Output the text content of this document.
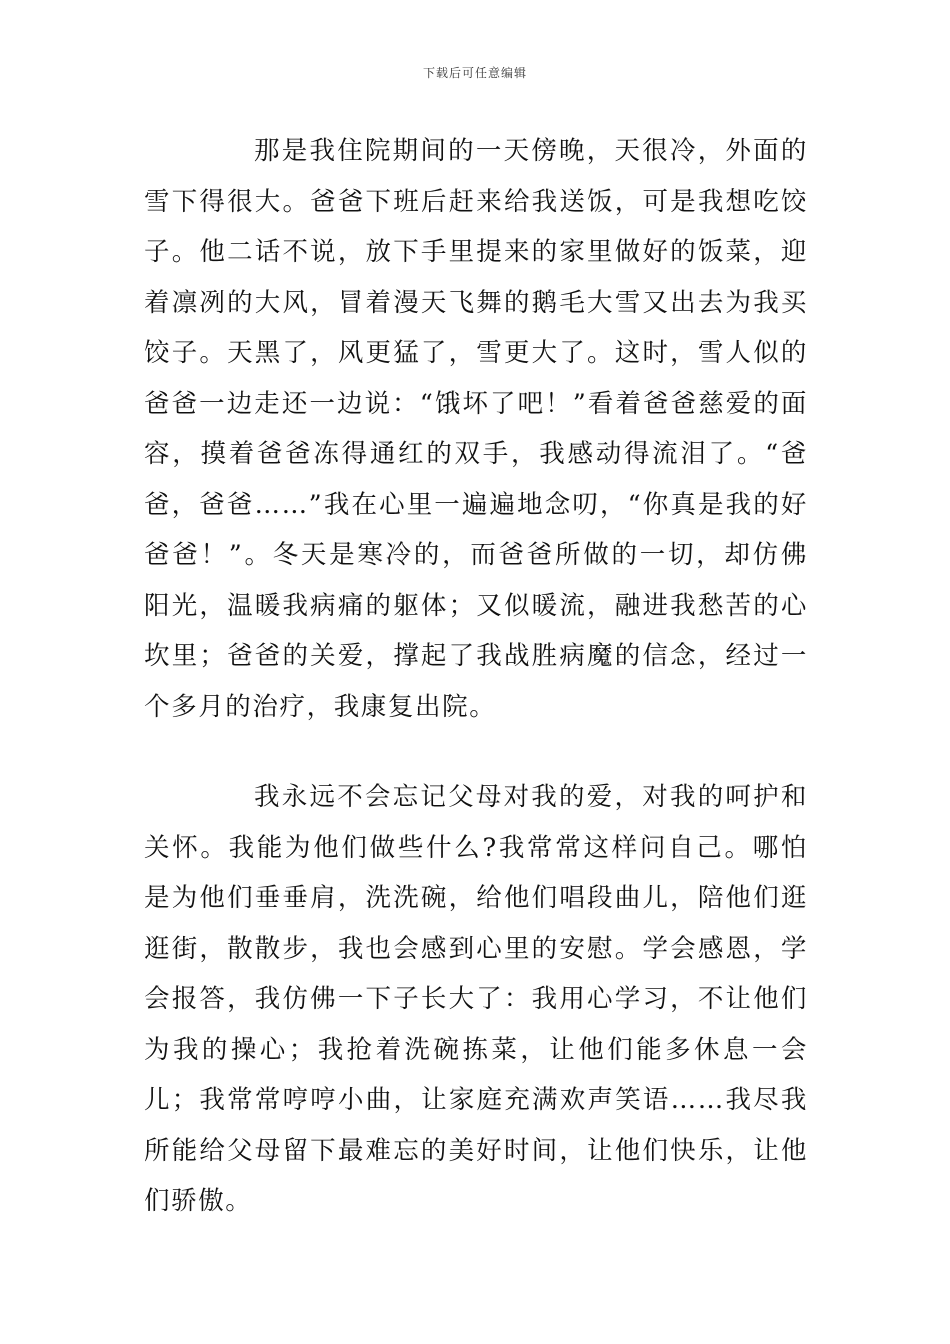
下载后可任意编辑

那是我住院期间的一天傍晚，天很冷，外面的雪下得很大。爸爸下班后赶来给我送饭，可是我想吃饺子。他二话不说，放下手里提来的家里做好的饭菜，迎着凛冽的大风，冒着漫天飞舞的鹅毛大雪又出去为我买饺子。天黑了，风更猛了，雪更大了。这时，雪人似的爸爸一边走还一边说：“饿坏了吧！”看着爸爸慈爱的面容，摸着爸爸冻得通红的双手，我感动得流泪了。“爸爸，爸爸……”我在心里一遍遍地念叨，“你真是我的好爸爸！”。冬天是寒冷的，而爸爸所做的一切，却仿佛阳光，温暖我病痛的躯体；又似暖流，融进我愁苦的心坎里；爸爸的关爱，撑起了我战胜病魔的信念，经过一个多月的治疗，我康复出院。

我永远不会忘记父母对我的爱，对我的呵护和关怀。我能为他们做些什么?我常常这样问自己。哪怕是为他们垂垂肩，洗洗碗，给他们唱段曲儿，陪他们逛逛街，散散步，我也会感到心里的安慰。学会感恩，学会报答，我仿佛一下子长大了：我用心学习，不让他们为我的操心；我抢着洗碗拣菜，让他们能多休息一会儿；我常常哼哼小曲，让家庭充满欢声笑语……我尽我所能给父母留下最难忘的美好时间，让他们快乐，让他们骄傲。
